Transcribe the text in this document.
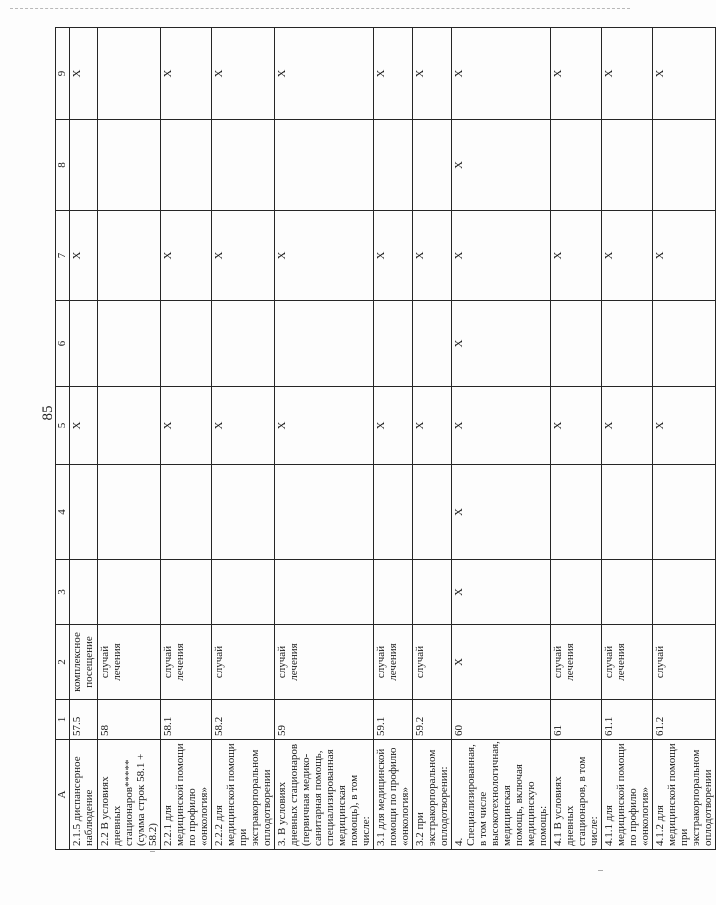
85
А	1	2	3	4	5	6	7	8	9
2.1.5 диспансерное наблюдение	57.5	комплексное посещение			Х		Х		Х
2.2 В условиях дневных стационаров***** (сумма строк 58.1 + 58.2)	58	случай лечения							
2.2.1 для медицинской помощи по профилю «онкология»	58.1	случай лечения			Х		Х		Х
2.2.2 для медицинской помощи при экстракорпоральном оплодотворении	58.2	случай			Х		Х		Х
3. В условиях дневных стационаров (первичная медико-санитарная помощь, специализированная медицинская помощь), в том числе:	59	случай лечения			Х		Х		Х
3.1 для медицинской помощи по профилю «онкология»	59.1	случай лечения			Х		Х		Х
3.2 при экстракорпоральном оплодотворении:	59.2	случай			Х		Х		Х
4. Специализированная, в том числе высокотехнологичная, медицинская помощь, включая медицинскую помощь:	60	Х	Х	Х	Х	Х	Х	Х	Х
4.1 В условиях дневных стационаров, в том числе:	61	случай лечения			Х		Х		Х
4.1.1 для медицинской помощи по профилю «онкология»	61.1	случай лечения			Х		Х		Х
4.1.2 для медицинской помощи при экстракорпоральном оплодотворении	61.2	случай			Х		Х		Х
